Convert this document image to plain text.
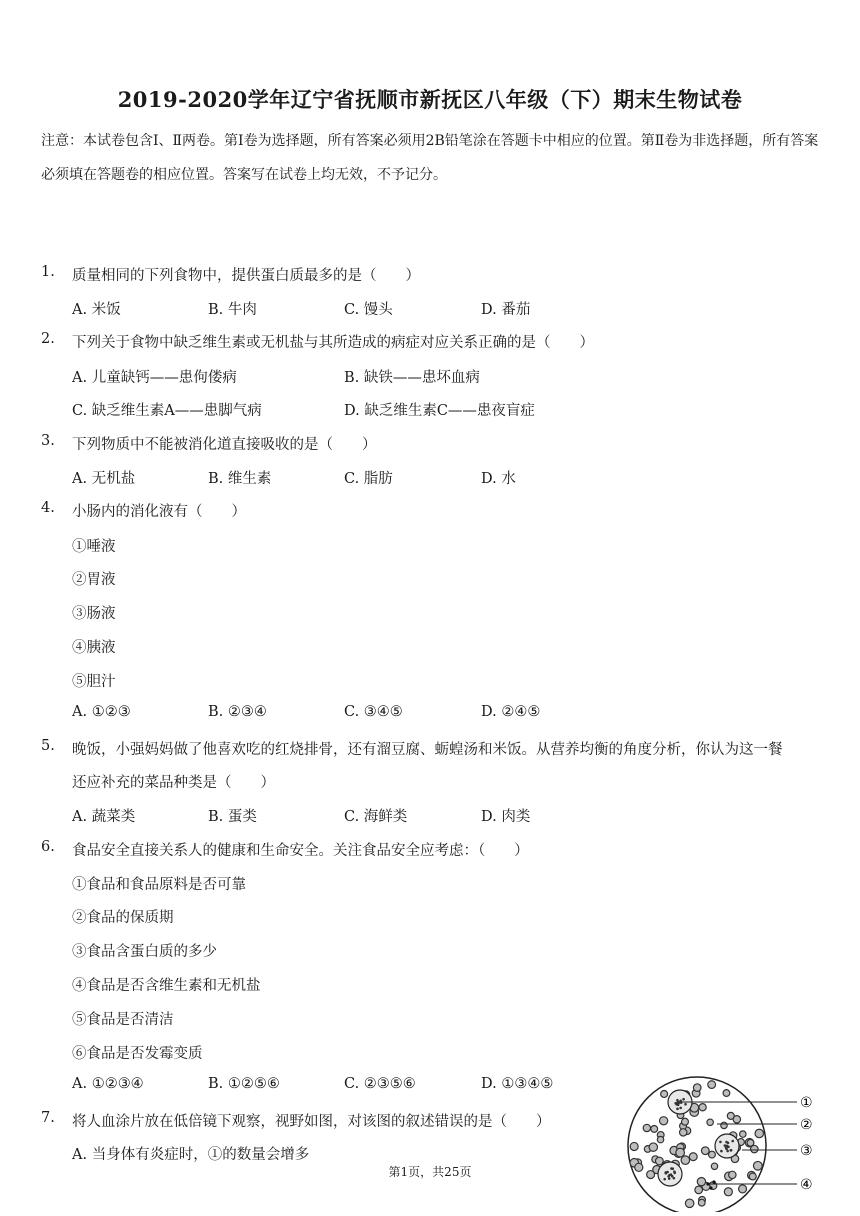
2019-2020学年辽宁省抚顺市新抚区八年级（下）期末生物试卷
注意：本试卷包含Ⅰ、Ⅱ两卷。第Ⅰ卷为选择题，所有答案必须用2B铅笔涂在答题卡中相应的位置。第Ⅱ卷为非选择题，所有答案必须填在答题卷的相应位置。答案写在试卷上均无效，不予记分。
1. 质量相同的下列食物中，提供蛋白质最多的是（　　）
A. 米饭	B. 牛肉	C. 馒头	D. 番茄
2. 下列关于食物中缺乏维生素或无机盐与其所造成的病症对应关系正确的是（　　）
A. 儿童缺钙——患佝偻病	B. 缺铁——患坏血病
C. 缺乏维生素A——患脚气病	D. 缺乏维生素C——患夜盲症
3. 下列物质中不能被消化道直接吸收的是（　　）
A. 无机盐	B. 维生素	C. 脂肪	D. 水
4. 小肠内的消化液有（　　）
①唾液
②胃液
③肠液
④胰液
⑤胆汁
A. ①②③	B. ②③④	C. ③④⑤	D. ②④⑤
5. 晚饭，小强妈妈做了他喜欢吃的红烧排骨，还有溜豆腐、蛎蝗汤和米饭。从营养均衡的角度分析，你认为这一餐
还应补充的菜品种类是（　　）
A. 蔬菜类	B. 蛋类	C. 海鲜类	D. 肉类
6. 食品安全直接关系人的健康和生命安全。关注食品安全应考虑：（　　）
①食品和食品原料是否可靠
②食品的保质期
③食品含蛋白质的多少
④食品是否含维生素和无机盐
⑤食品是否清洁
⑥食品是否发霉变质
A. ①②③④	B. ①②⑤⑥	C. ②③⑤⑥	D. ①③④⑤
7. 将人血涂片放在低倍镜下观察，视野如图，对该图的叙述错误的是（　　）
A. 当身体有炎症时，①的数量会增多
①
②
③
④
第1页，共25页
